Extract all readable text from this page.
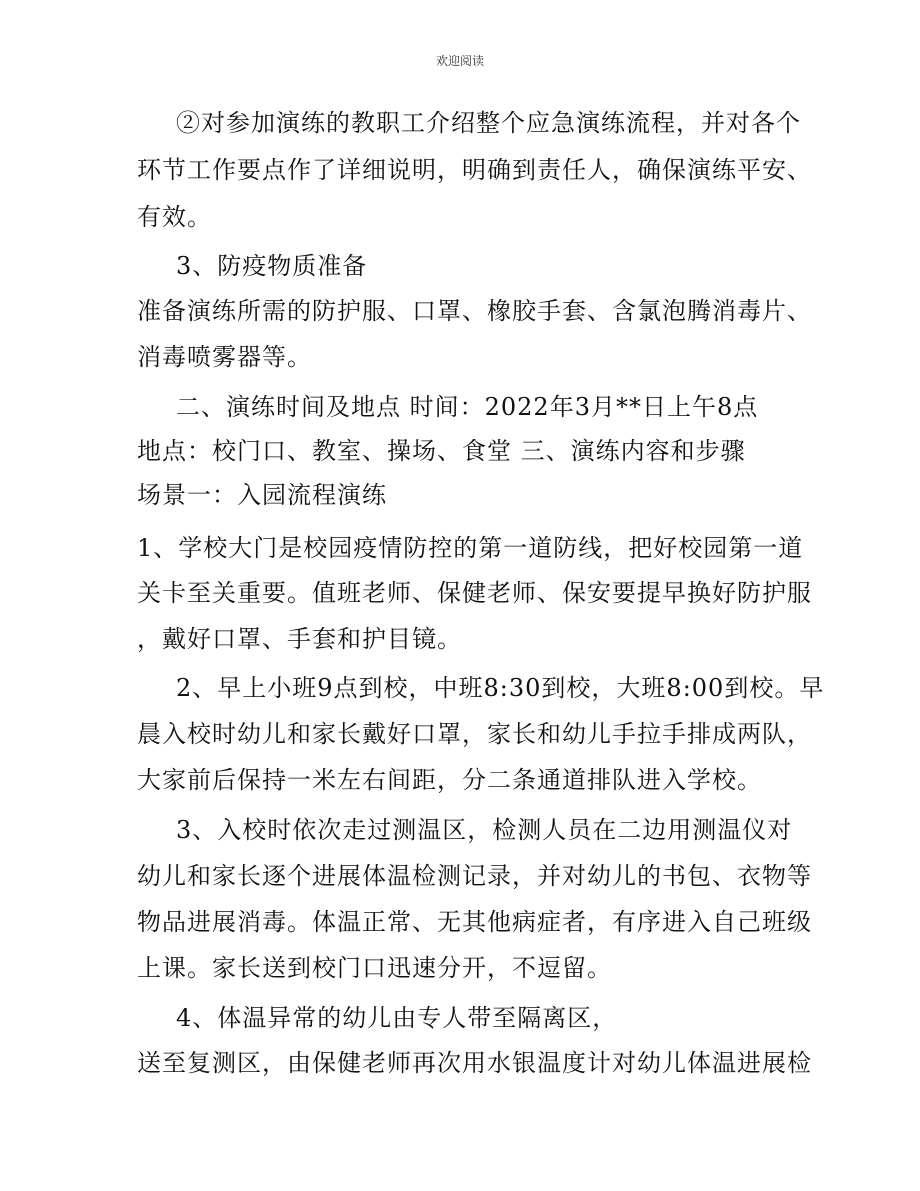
欢迎阅读
②对参加演练的教职工介绍整个应急演练流程，并对各个
环节工作要点作了详细说明，明确到责任人，确保演练平安、
有效。
3、防疫物质准备
准备演练所需的防护服、口罩、橡胶手套、含氯泡腾消毒片、
消毒喷雾器等。
二、演练时间及地点 时间：2022年3月**日上午8点
地点：校门口、教室、操场、食堂 三、演练内容和步骤
场景一：入园流程演练
1、学校大门是校园疫情防控的第一道防线，把好校园第一道
关卡至关重要。值班老师、保健老师、保安要提早换好防护服
，戴好口罩、手套和护目镜。
2、早上小班9点到校，中班8:30到校，大班8:00到校。早
晨入校时幼儿和家长戴好口罩，家长和幼儿手拉手排成两队，
大家前后保持一米左右间距，分二条通道排队进入学校。
3、入校时依次走过测温区，检测人员在二边用测温仪对
幼儿和家长逐个进展体温检测记录，并对幼儿的书包、衣物等
物品进展消毒。体温正常、无其他病症者，有序进入自己班级
上课。家长送到校门口迅速分开，不逗留。
4、体温异常的幼儿由专人带至隔离区，
送至复测区，由保健老师再次用水银温度计对幼儿体温进展检
